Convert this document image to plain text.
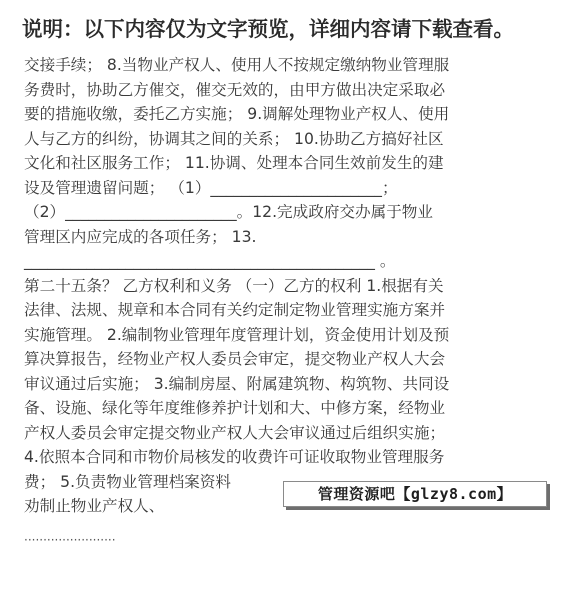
说明：以下内容仅为文字预览，详细内容请下载查看。
交接手续； 8.当物业产权人、使用人不按规定缴纳物业管理服
务费时，协助乙方催交，催交无效的，由甲方做出决定采取必
要的措施收缴，委托乙方实施； 9.调解处理物业产权人、使用
人与乙方的纠纷，协调其之间的关系； 10.协助乙方搞好社区
文化和社区服务工作； 11.协调、处理本合同生效前发生的建
设及管理遗留问题； （1）______________________；
（2）______________________。12.完成政府交办属于物业
管理区内应完成的各项任务； 13.
_____________________________________________ 。
第二十五条？ 乙方权利和义务 （一）乙方的权利 1.根据有关
法律、法规、规章和本合同有关约定制定物业管理实施方案并
实施管理。 2.编制物业管理年度管理计划，资金使用计划及预
算决算报告，经物业产权人委员会审定，提交物业产权人大会
审议通过后实施； 3.编制房屋、附属建筑物、构筑物、共同设
备、设施、绿化等年度维修养护计划和大、中修方案，经物业
产权人委员会审定提交物业产权人大会审议通过后组织实施；
4.依照本合同和市物价局核发的收费许可证收取物业管理服务
费； 5.负责物业管理档案资料
劝制止物业产权人、
管理资源吧【glzy8.com】
························
